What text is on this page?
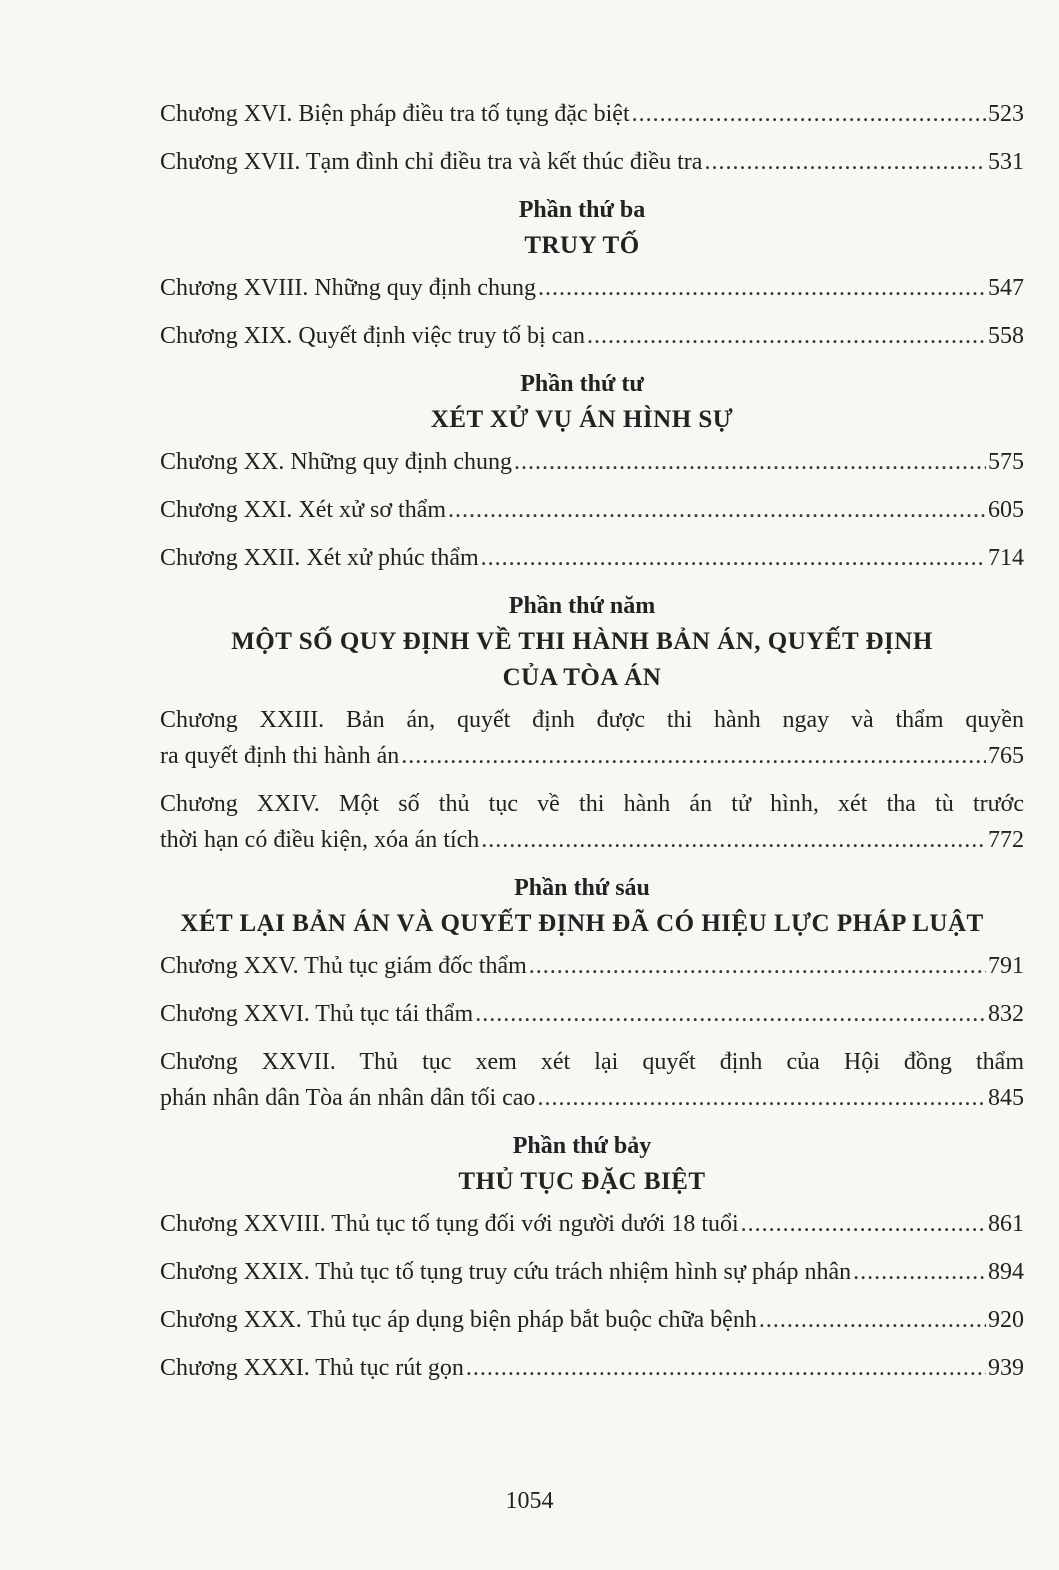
Chương XVI. Biện pháp điều tra tố tụng đặc biệt .....	523
Chương XVII. Tạm đình chỉ điều tra và kết thúc điều tra .....	531
Phần thứ ba
TRUY TỐ
Chương XVIII. Những quy định chung .....	547
Chương XIX. Quyết định việc truy tố bị can .....	558
Phần thứ tư
XÉT XỬ VỤ ÁN HÌNH SỰ
Chương XX. Những quy định chung .....	575
Chương XXI. Xét xử sơ thẩm .....	605
Chương XXII. Xét xử phúc thẩm .....	714
Phần thứ năm
MỘT SỐ QUY ĐỊNH VỀ THI HÀNH BẢN ÁN, QUYẾT ĐỊNH
CỦA TÒA ÁN
Chương XXIII. Bản án, quyết định được thi hành ngay và thẩm quyền
ra quyết định thi hành án .....	765
Chương XXIV. Một số thủ tục về thi hành án tử hình, xét tha tù trước
thời hạn có điều kiện, xóa án tích .....	772
Phần thứ sáu
XÉT LẠI BẢN ÁN VÀ QUYẾT ĐỊNH ĐÃ CÓ HIỆU LỰC PHÁP LUẬT
Chương XXV. Thủ tục giám đốc thẩm .....	791
Chương XXVI. Thủ tục tái thẩm .....	832
Chương XXVII. Thủ tục xem xét lại quyết định của Hội đồng thẩm
phán nhân dân Tòa án nhân dân tối cao .....	845
Phần thứ bảy
THỦ TỤC ĐẶC BIỆT
Chương XXVIII. Thủ tục tố tụng đối với người dưới 18 tuổi .....	861
Chương XXIX. Thủ tục tố tụng truy cứu trách nhiệm hình sự pháp nhân .....	894
Chương XXX. Thủ tục áp dụng biện pháp bắt buộc chữa bệnh .....	920
Chương XXXI. Thủ tục rút gọn .....	939
1054
